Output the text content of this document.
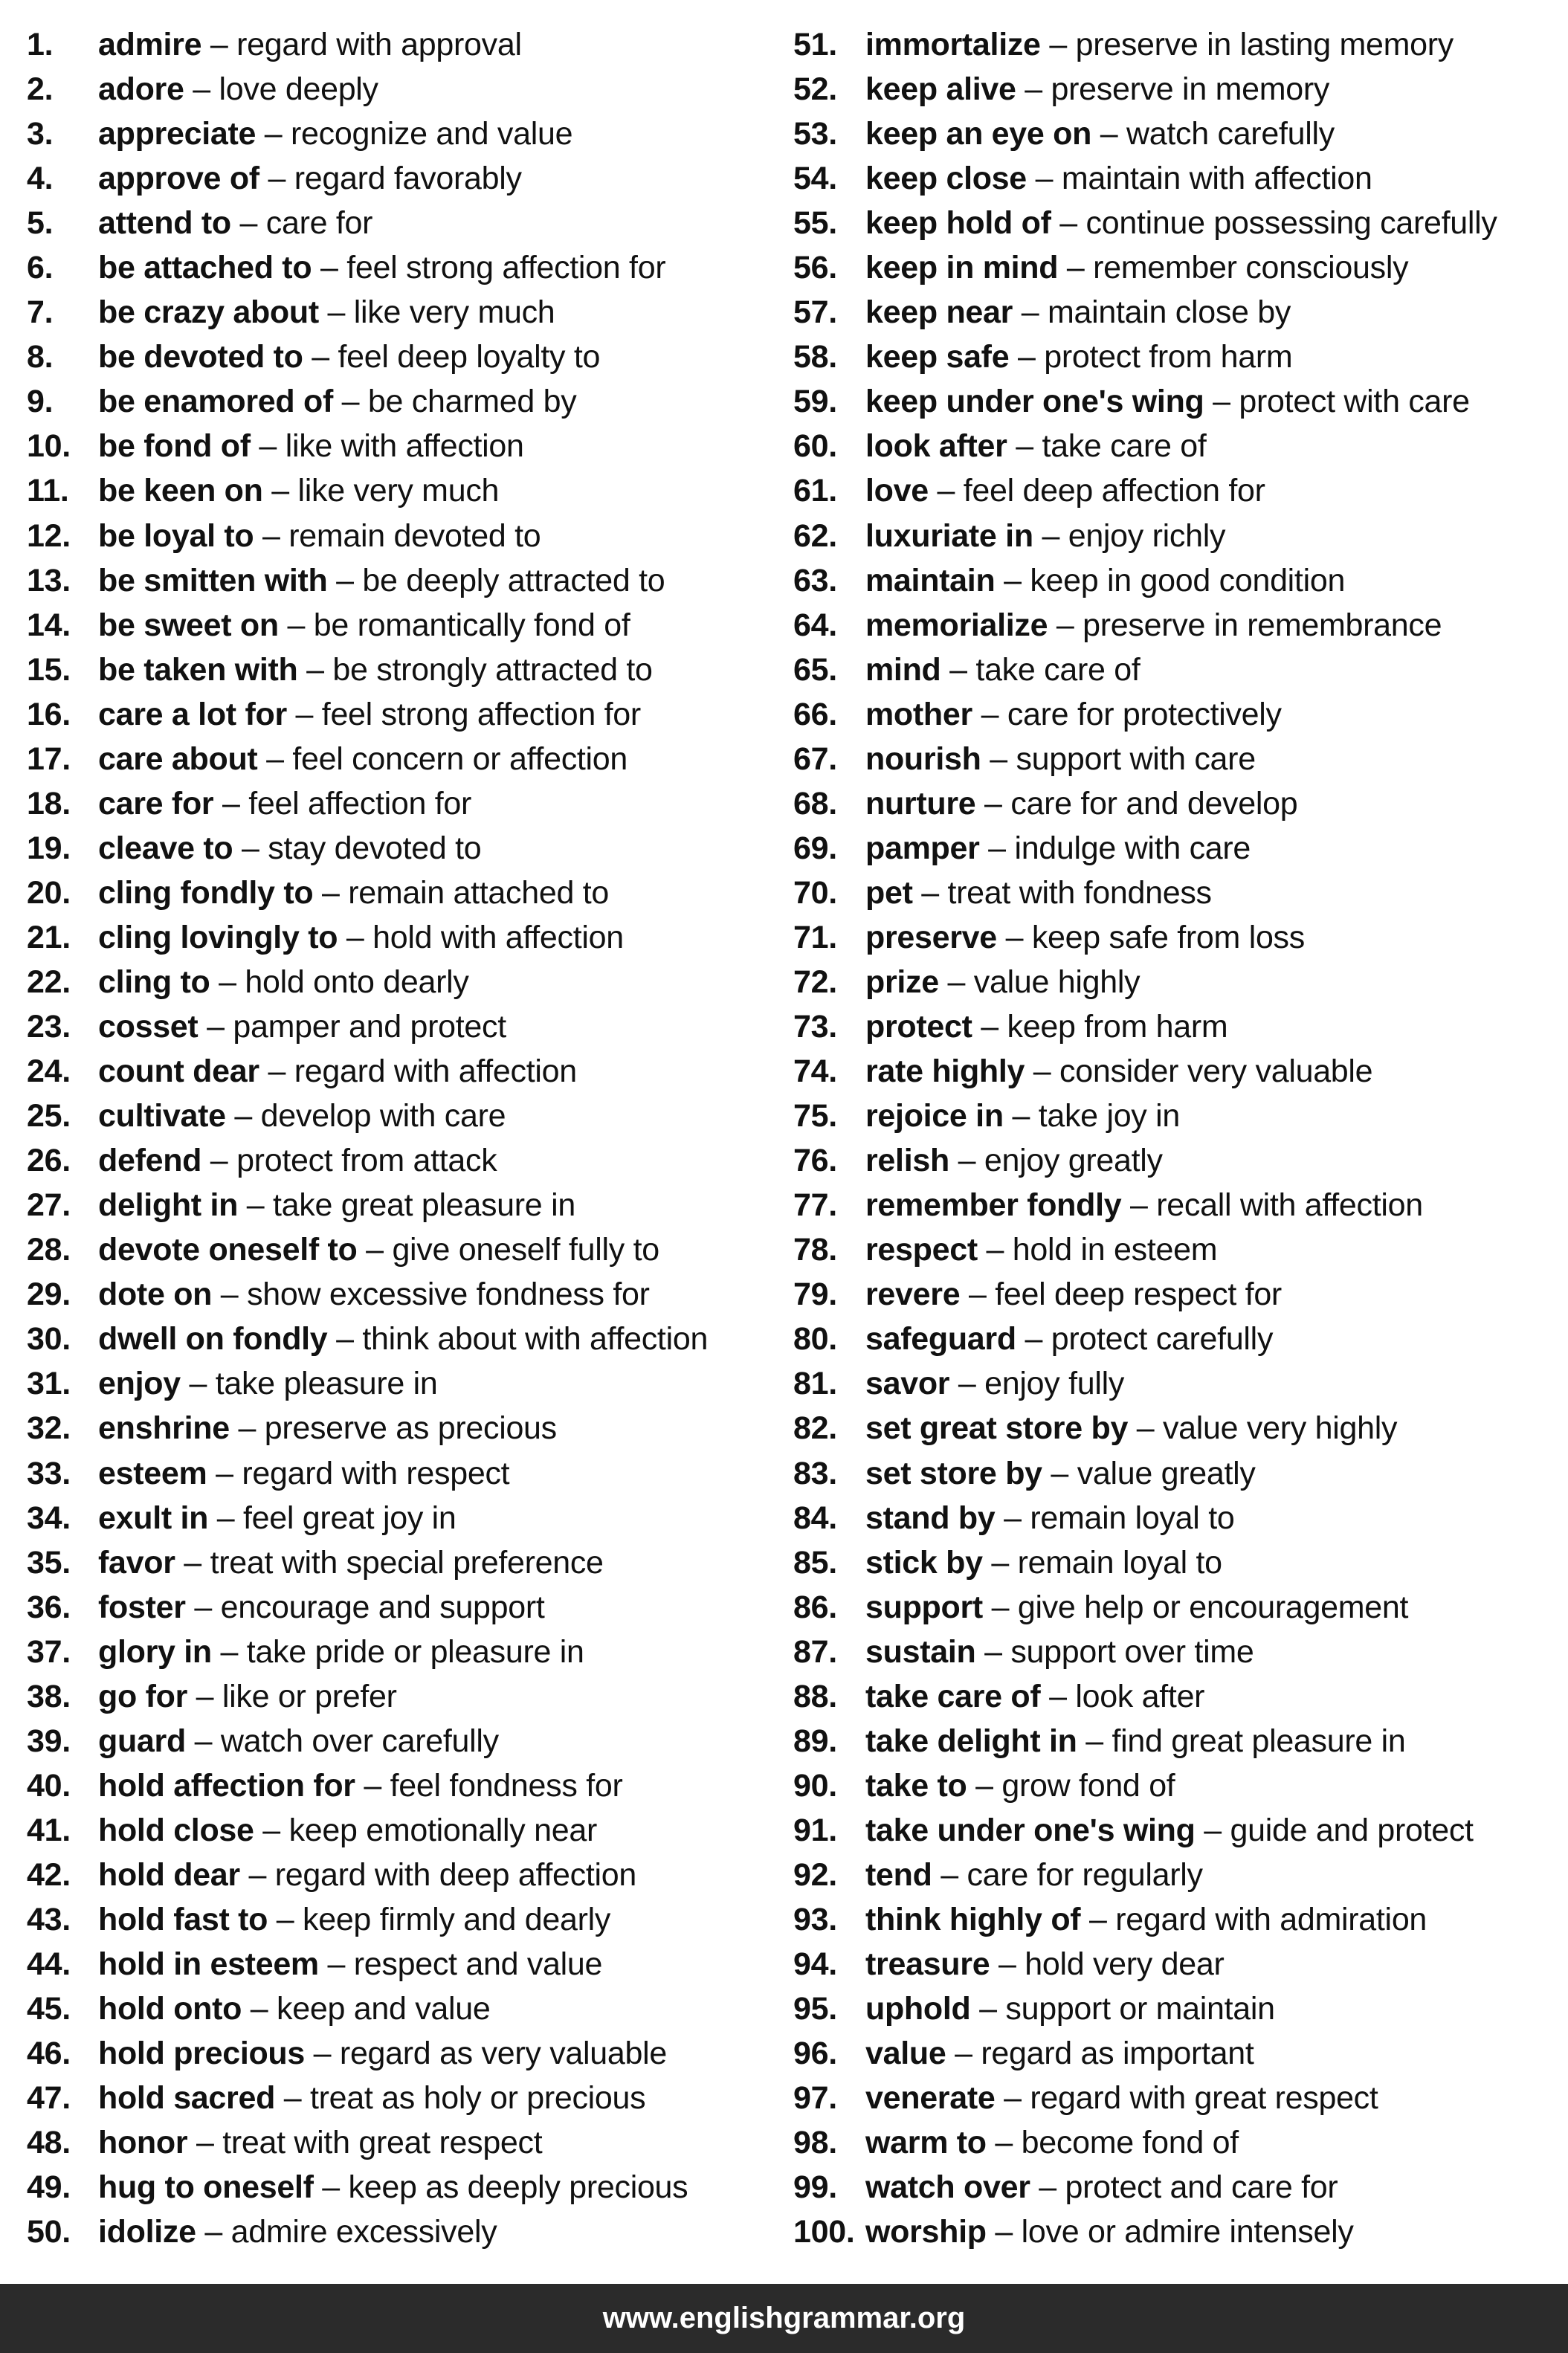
1. admire – regard with approval
2. adore – love deeply
3. appreciate – recognize and value
4. approve of – regard favorably
5. attend to – care for
6. be attached to – feel strong affection for
7. be crazy about – like very much
8. be devoted to – feel deep loyalty to
9. be enamored of – be charmed by
10. be fond of – like with affection
11. be keen on – like very much
12. be loyal to – remain devoted to
13. be smitten with – be deeply attracted to
14. be sweet on – be romantically fond of
15. be taken with – be strongly attracted to
16. care a lot for – feel strong affection for
17. care about – feel concern or affection
18. care for – feel affection for
19. cleave to – stay devoted to
20. cling fondly to – remain attached to
21. cling lovingly to – hold with affection
22. cling to – hold onto dearly
23. cosset – pamper and protect
24. count dear – regard with affection
25. cultivate – develop with care
26. defend – protect from attack
27. delight in – take great pleasure in
28. devote oneself to – give oneself fully to
29. dote on – show excessive fondness for
30. dwell on fondly – think about with affection
31. enjoy – take pleasure in
32. enshrine – preserve as precious
33. esteem – regard with respect
34. exult in – feel great joy in
35. favor – treat with special preference
36. foster – encourage and support
37. glory in – take pride or pleasure in
38. go for – like or prefer
39. guard – watch over carefully
40. hold affection for – feel fondness for
41. hold close – keep emotionally near
42. hold dear – regard with deep affection
43. hold fast to – keep firmly and dearly
44. hold in esteem – respect and value
45. hold onto – keep and value
46. hold precious – regard as very valuable
47. hold sacred – treat as holy or precious
48. honor – treat with great respect
49. hug to oneself – keep as deeply precious
50. idolize – admire excessively
51. immortalize – preserve in lasting memory
52. keep alive – preserve in memory
53. keep an eye on – watch carefully
54. keep close – maintain with affection
55. keep hold of – continue possessing carefully
56. keep in mind – remember consciously
57. keep near – maintain close by
58. keep safe – protect from harm
59. keep under one's wing – protect with care
60. look after – take care of
61. love – feel deep affection for
62. luxuriate in – enjoy richly
63. maintain – keep in good condition
64. memorialize – preserve in remembrance
65. mind – take care of
66. mother – care for protectively
67. nourish – support with care
68. nurture – care for and develop
69. pamper – indulge with care
70. pet – treat with fondness
71. preserve – keep safe from loss
72. prize – value highly
73. protect – keep from harm
74. rate highly – consider very valuable
75. rejoice in – take joy in
76. relish – enjoy greatly
77. remember fondly – recall with affection
78. respect – hold in esteem
79. revere – feel deep respect for
80. safeguard – protect carefully
81. savor – enjoy fully
82. set great store by – value very highly
83. set store by – value greatly
84. stand by – remain loyal to
85. stick by – remain loyal to
86. support – give help or encouragement
87. sustain – support over time
88. take care of – look after
89. take delight in – find great pleasure in
90. take to – grow fond of
91. take under one's wing – guide and protect
92. tend – care for regularly
93. think highly of – regard with admiration
94. treasure – hold very dear
95. uphold – support or maintain
96. value – regard as important
97. venerate – regard with great respect
98. warm to – become fond of
99. watch over – protect and care for
100. worship – love or admire intensely
www.englishgrammar.org
